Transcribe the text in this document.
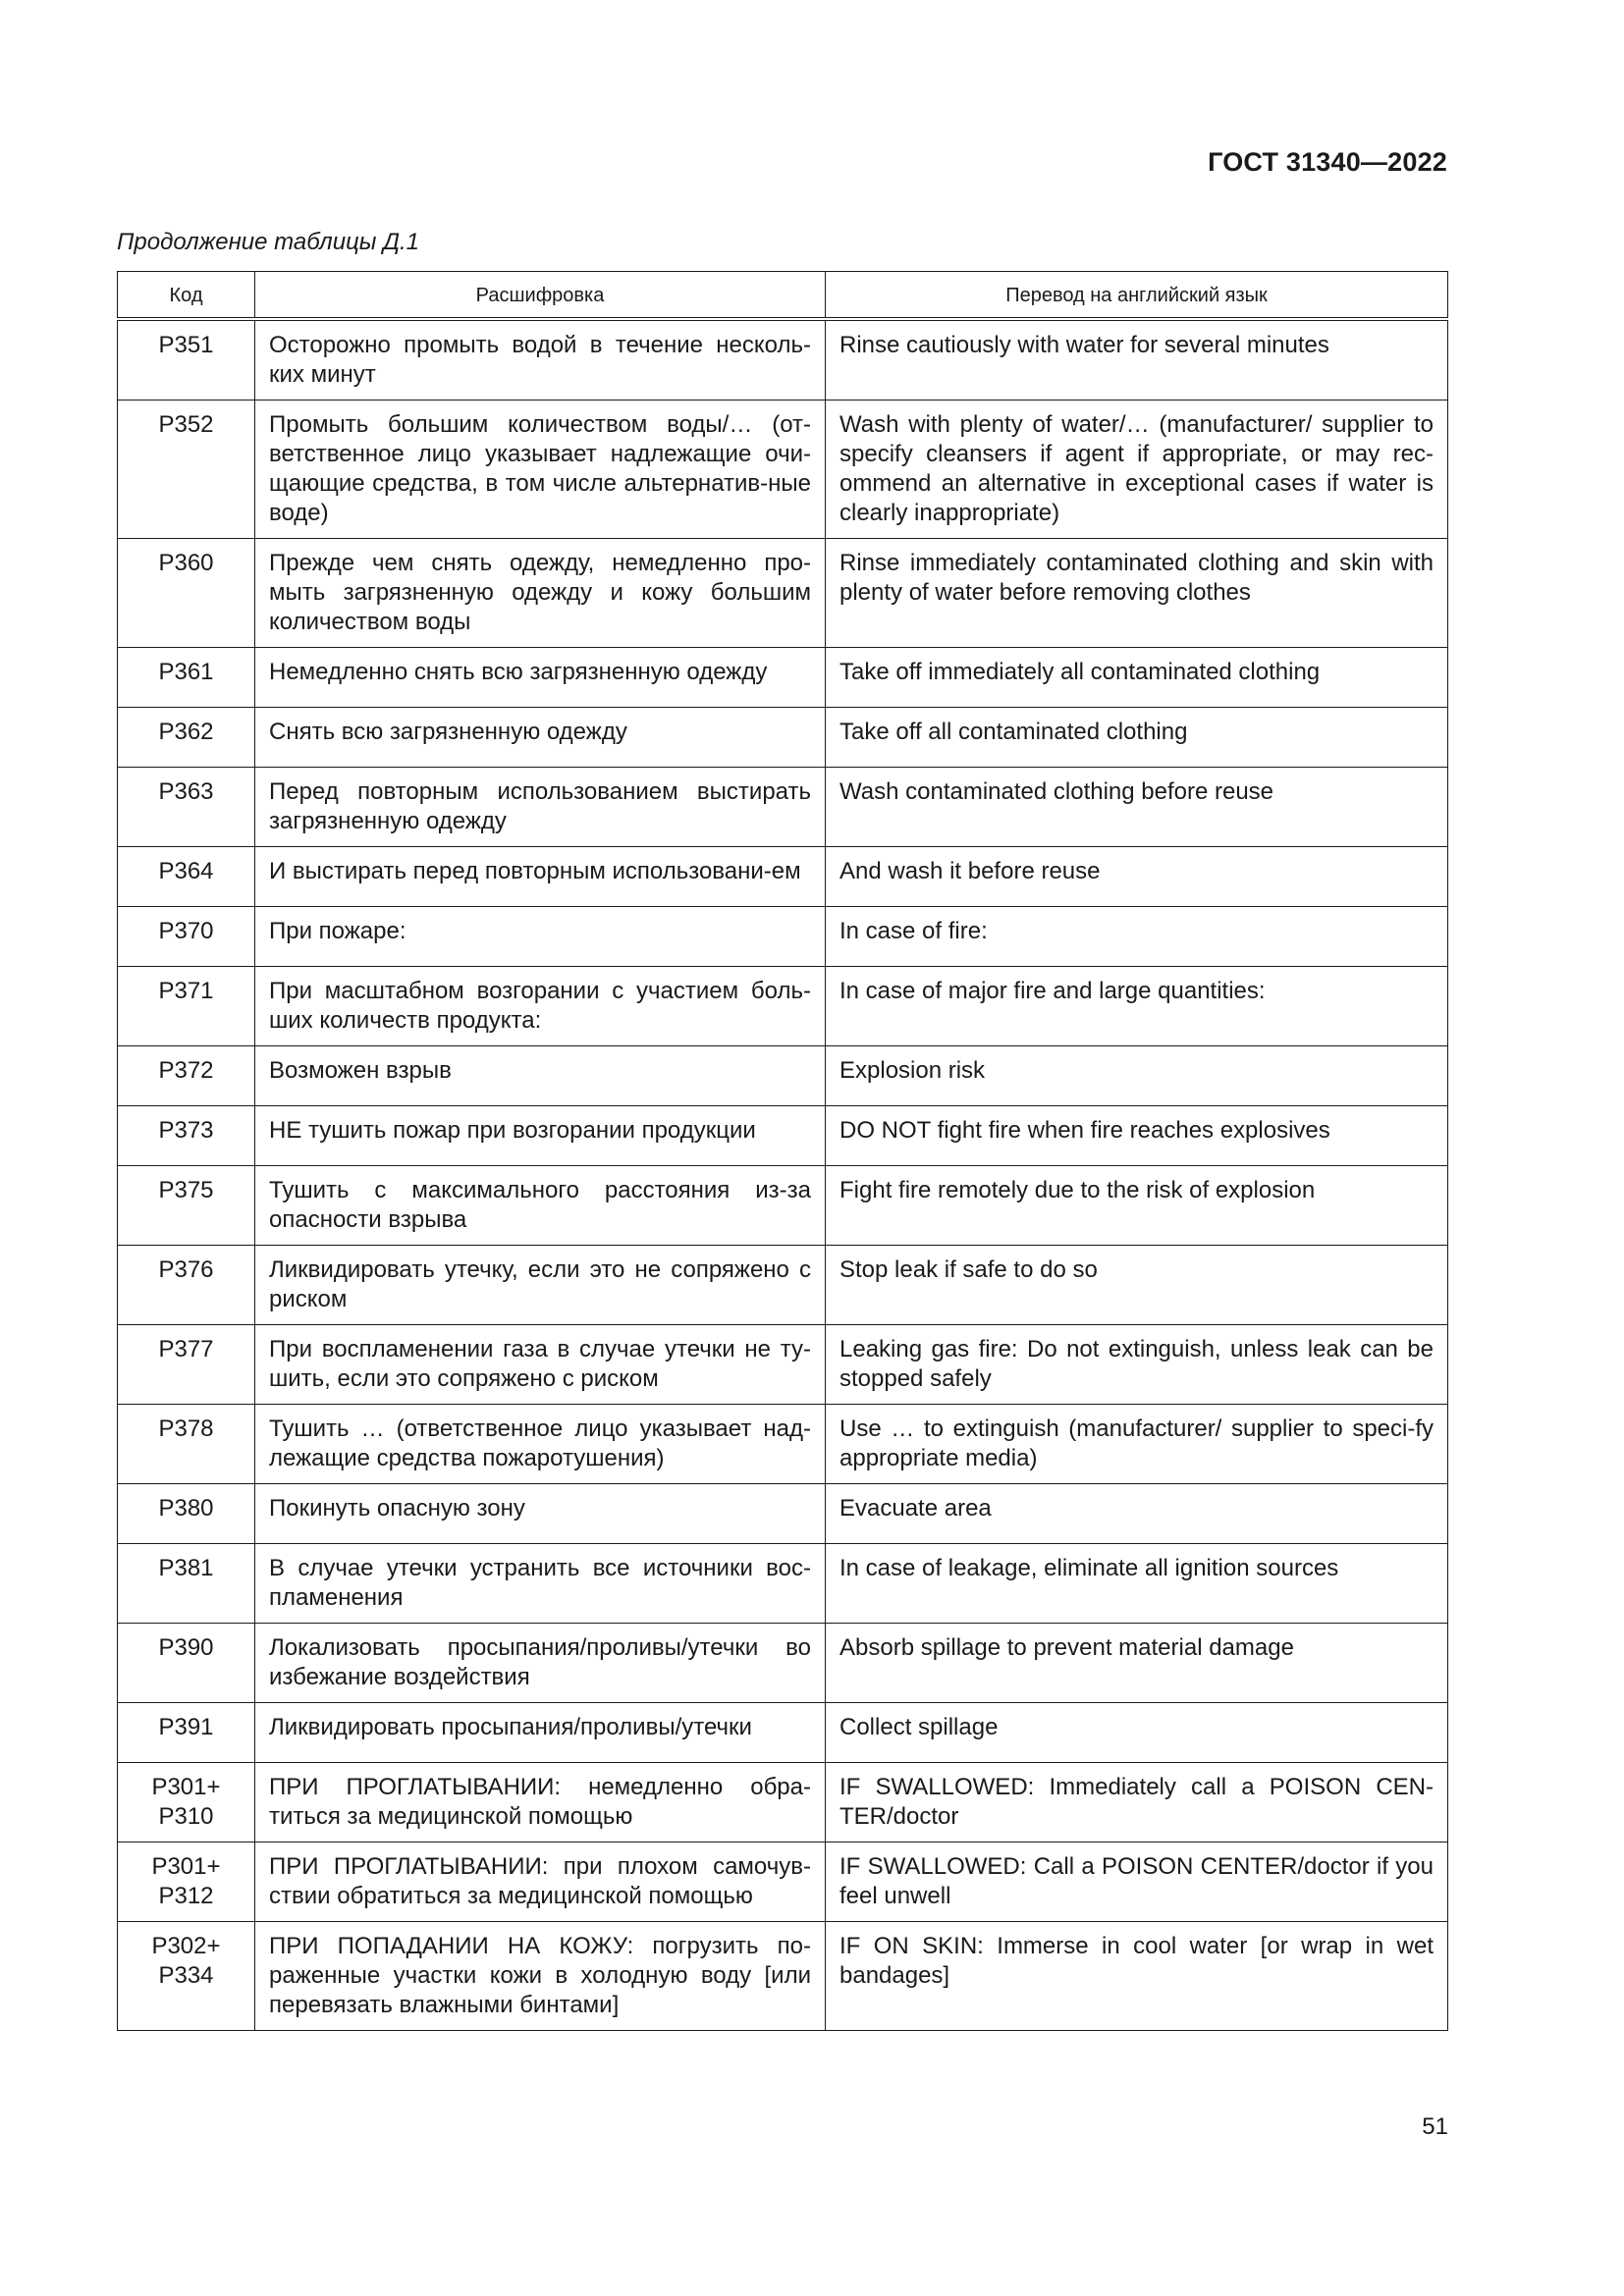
ГОСТ 31340—2022
Продолжение таблицы Д.1
Код	Расшифровка	Перевод на английский язык
P351	Осторожно промыть водой в течение несколь-ких минут	Rinse cautiously with water for several minutes
P352	Промыть большим количеством воды/… (от-ветственное лицо указывает надлежащие очи-щающие средства, в том числе альтернатив-ные воде)	Wash with plenty of water/… (manufacturer/ supplier to specify cleansers if agent if appropriate, or may rec-ommend an alternative in exceptional cases if water is clearly inappropriate)
P360	Прежде чем снять одежду, немедленно про-мыть загрязненную одежду и кожу большим количеством воды	Rinse immediately contaminated clothing and skin with plenty of water before removing clothes
P361	Немедленно снять всю загрязненную одежду	Take off immediately all contaminated clothing
P362	Снять всю загрязненную одежду	Take off all contaminated clothing
P363	Перед повторным использованием выстирать загрязненную одежду	Wash contaminated clothing before reuse
P364	И выстирать перед повторным использовани-ем	And wash it before reuse
P370	При пожаре:	In case of fire:
P371	При масштабном возгорании с участием боль-ших количеств продукта:	In case of major fire and large quantities:
P372	Возможен взрыв	Explosion risk
P373	НЕ тушить пожар при возгорании продукции	DO NOT fight fire when fire reaches explosives
P375	Тушить с максимального расстояния из-за опасности взрыва	Fight fire remotely due to the risk of explosion
P376	Ликвидировать утечку, если это не сопряжено с риском	Stop leak if safe to do so
P377	При воспламенении газа в случае утечки не ту-шить, если это сопряжено с риском	Leaking gas fire: Do not extinguish, unless leak can be stopped safely
P378	Тушить … (ответственное лицо указывает над-лежащие средства пожаротушения)	Use … to extinguish (manufacturer/ supplier to speci-fy appropriate media)
P380	Покинуть опасную зону	Evacuate area
P381	В случае утечки устранить все источники вос-пламенения	In case of leakage, eliminate all ignition sources
P390	Локализовать просыпания/проливы/утечки во избежание воздействия	Absorb spillage to prevent material damage
P391	Ликвидировать просыпания/проливы/утечки	Collect spillage
P301+
P310	ПРИ ПРОГЛАТЫВАНИИ: немедленно обра-титься за медицинской помощью	IF SWALLOWED: Immediately call a POISON CEN-TER/doctor
P301+
P312	ПРИ ПРОГЛАТЫВАНИИ: при плохом самочув-ствии обратиться за медицинской помощью	IF SWALLOWED: Call a POISON CENTER/doctor if you feel unwell
P302+
P334	ПРИ ПОПАДАНИИ НА КОЖУ: погрузить по-раженные участки кожи в холодную воду [или перевязать влажными бинтами]	IF ON SKIN: Immerse in cool water [or wrap in wet bandages]
51
